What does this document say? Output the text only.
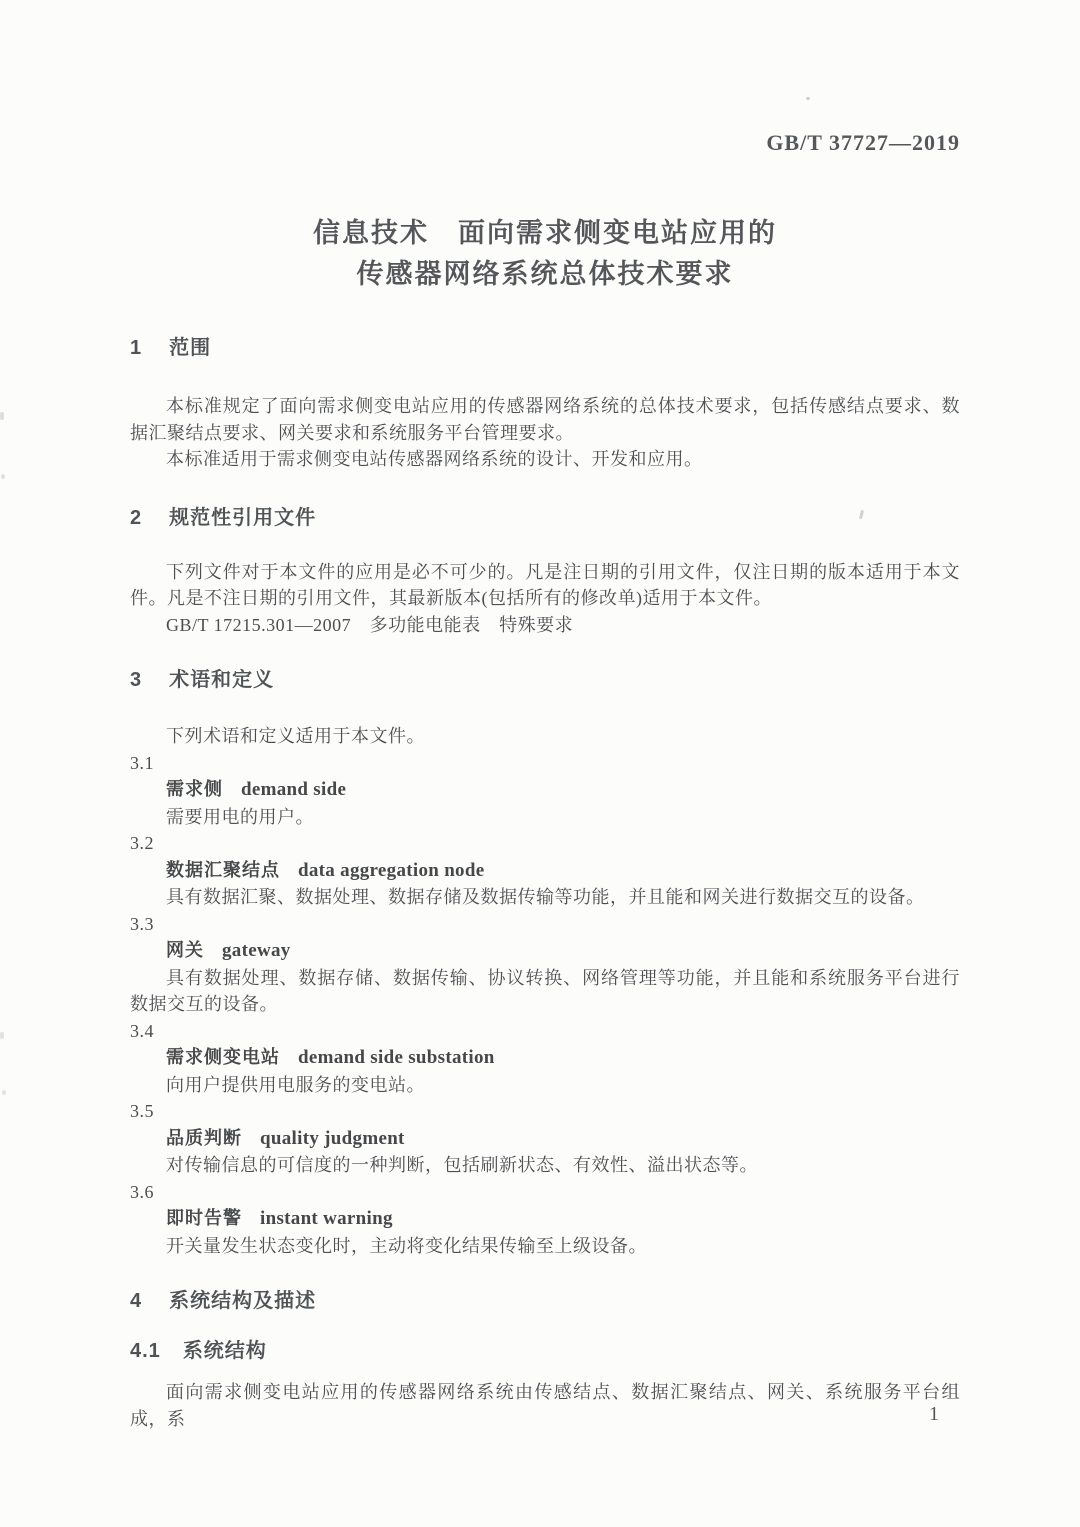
GB/T 37727—2019
信息技术　面向需求侧变电站应用的
传感器网络系统总体技术要求
1 范围

本标准规定了面向需求侧变电站应用的传感器网络系统的总体技术要求，包括传感结点要求、数据汇聚结点要求、网关要求和系统服务平台管理要求。

本标准适用于需求侧变电站传感器网络系统的设计、开发和应用。

2 规范性引用文件

下列文件对于本文件的应用是必不可少的。凡是注日期的引用文件，仅注日期的版本适用于本文件。凡是不注日期的引用文件，其最新版本(包括所有的修改单)适用于本文件。

GB/T 17215.301—2007　多功能电能表　特殊要求

3 术语和定义

下列术语和定义适用于本文件。

3.1
需求侧 demand side

需要用电的用户。

3.2
数据汇聚结点 data aggregation node

具有数据汇聚、数据处理、数据存储及数据传输等功能，并且能和网关进行数据交互的设备。

3.3
网关 gateway

具有数据处理、数据存储、数据传输、协议转换、网络管理等功能，并且能和系统服务平台进行数据交互的设备。

3.4
需求侧变电站 demand side substation

向用户提供用电服务的变电站。

3.5
品质判断 quality judgment

对传输信息的可信度的一种判断，包括刷新状态、有效性、溢出状态等。

3.6
即时告警 instant warning

开关量发生状态变化时，主动将变化结果传输至上级设备。

4 系统结构及描述
4.1 系统结构

面向需求侧变电站应用的传感器网络系统由传感结点、数据汇聚结点、网关、系统服务平台组成，系	1
